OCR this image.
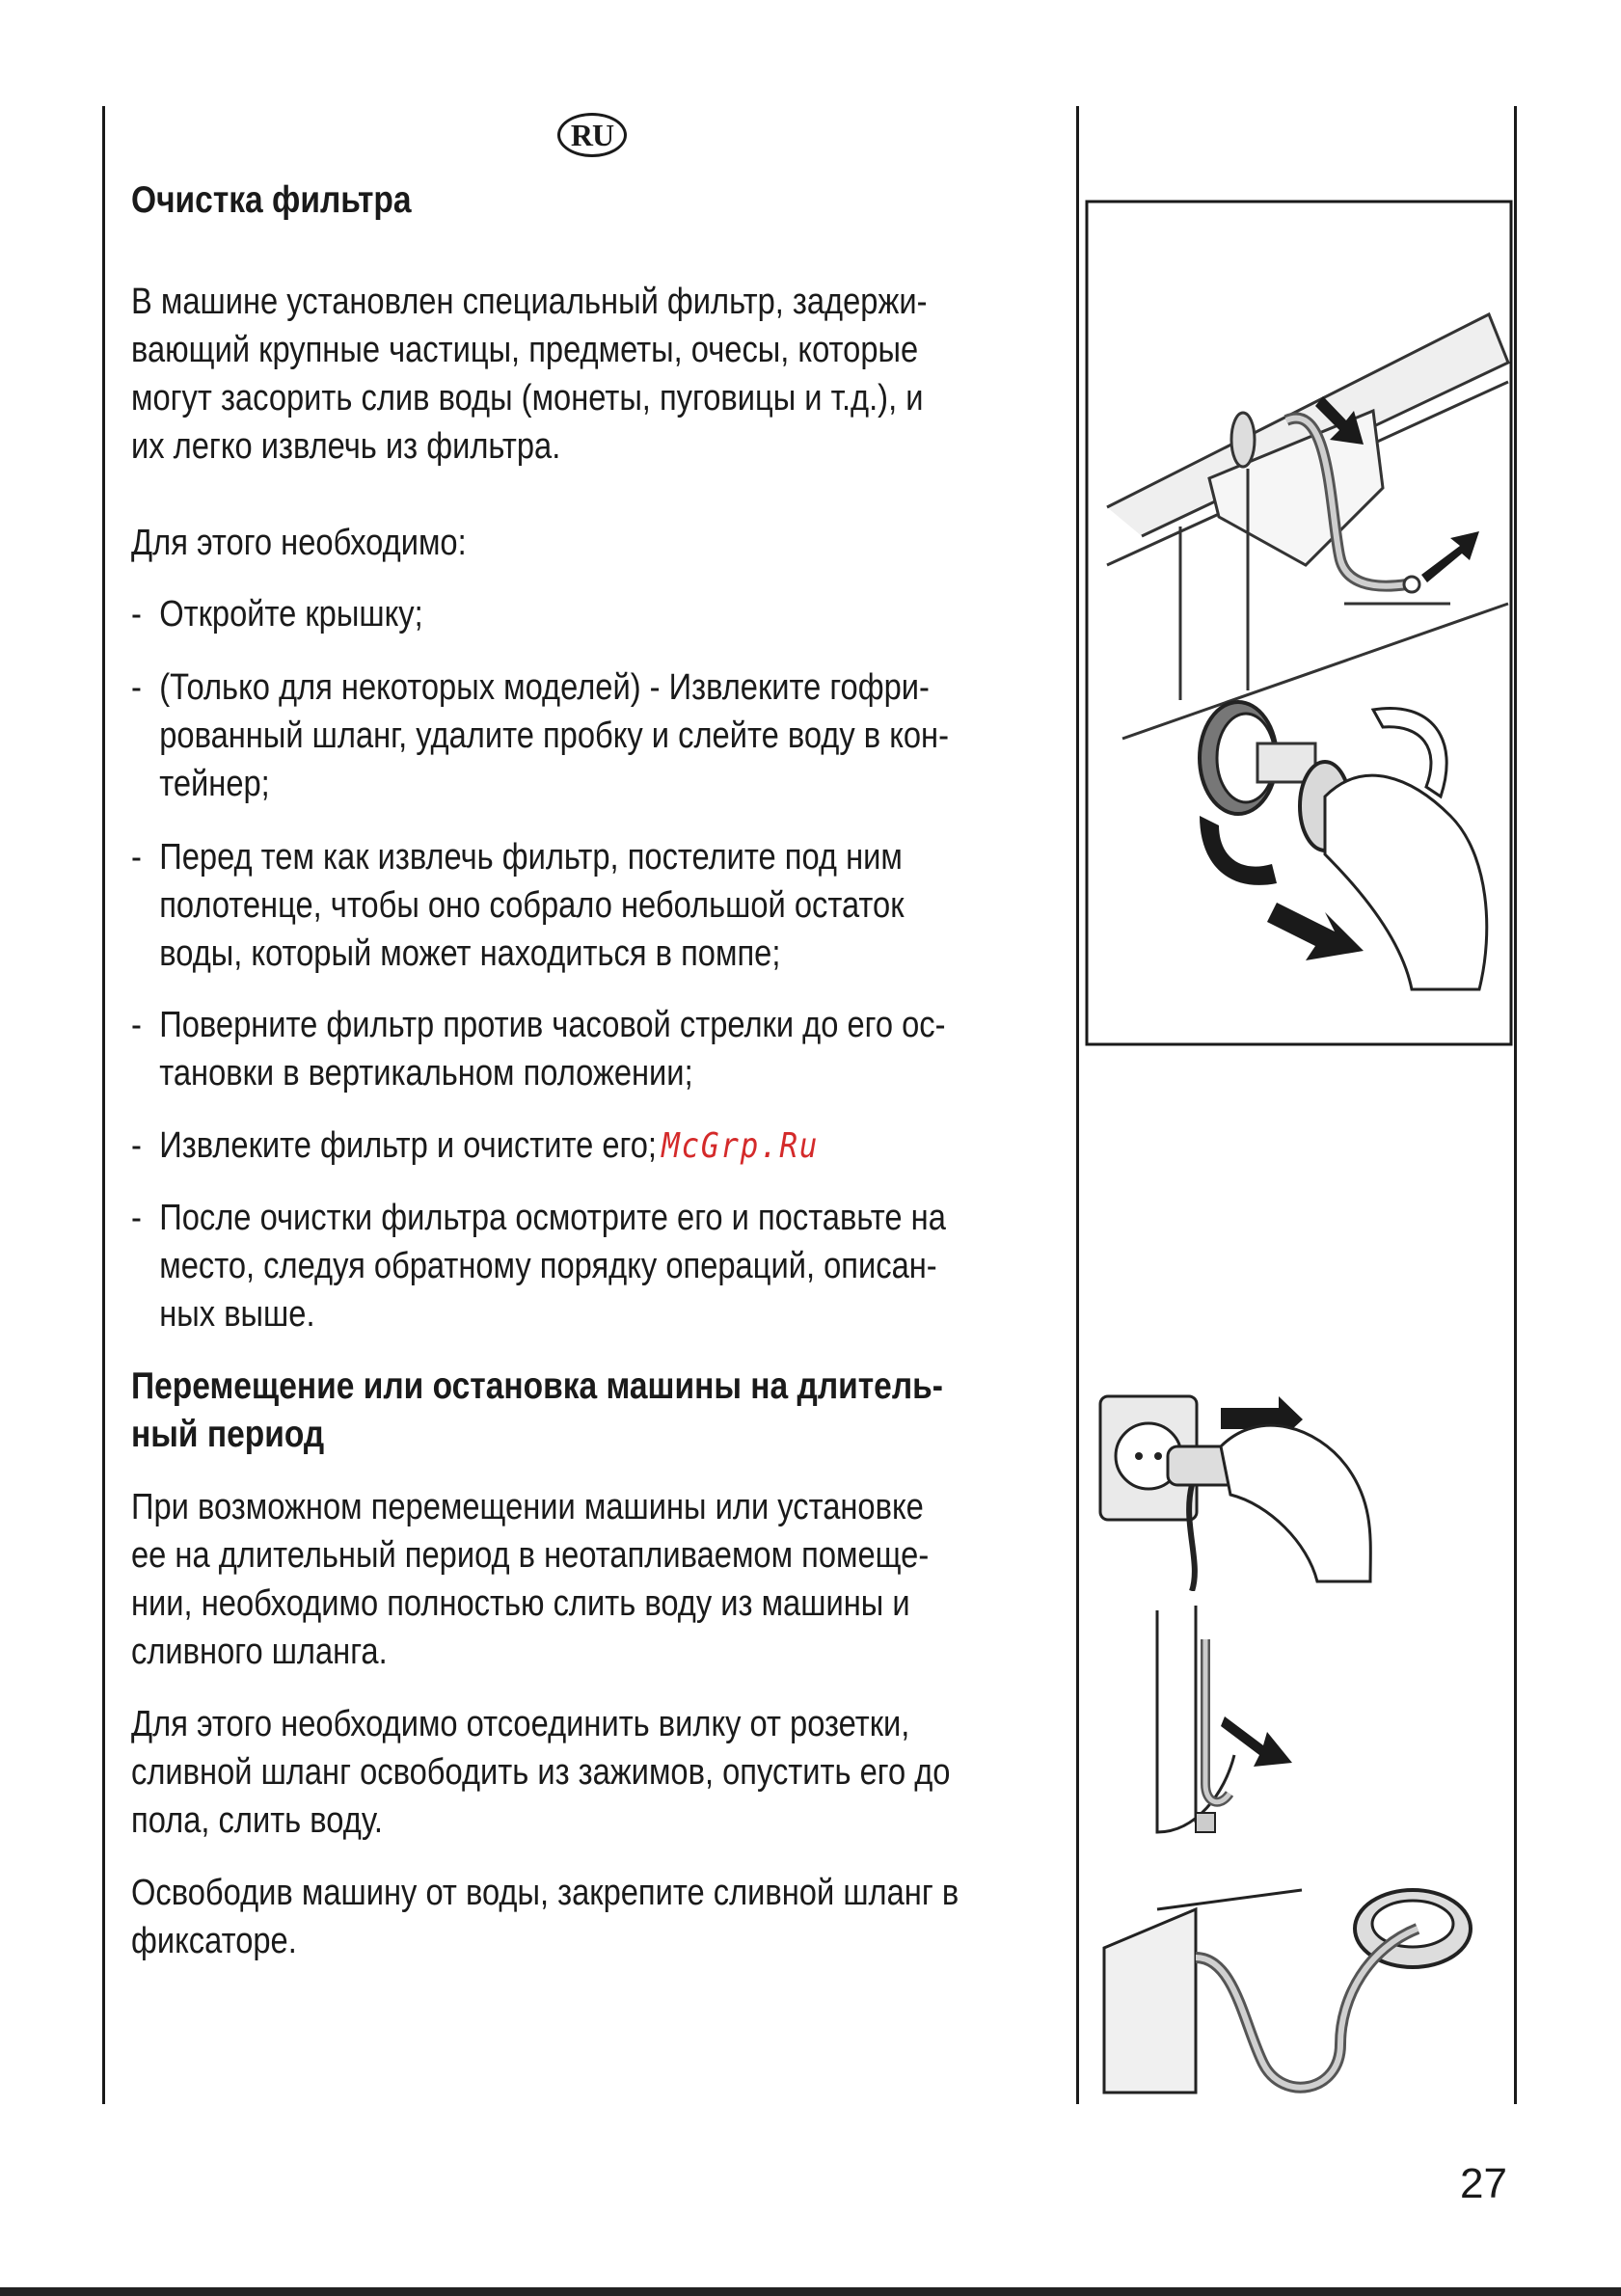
RU
Очистка фильтра

В машине установлен специальный фильтр, задержи-

вающий крупные частицы, предметы, очесы, которые

могут засорить слив воды (монеты, пуговицы и т.д.), и

их легко извлечь из фильтра.

Для этого необходимо:

- Откройте крышку;

- (Только для некоторых моделей) - Извлеките гофри-

рованный шланг, удалите пробку и слейте воду в кон-

тейнер;

- Перед тем как извлечь фильтр, постелите под ним

полотенце, чтобы оно собрало небольшой остаток

воды, который может находиться в помпе;

- Поверните фильтр против часовой стрелки до его ос-

тановки в вертикальном положении;

- Извлеките фильтр и очистите его; McGrp.Ru

- После очистки фильтра осмотрите его и поставьте на

место, следуя обратному порядку операций, описан-

ных выше.

Перемещение или остановка машины на длитель-
ный период

При возможном перемещении машины или установке

ее на длительный период в неотапливаемом помеще-

нии, необходимо полностью слить воду из машины и

сливного шланга.

Для этого необходимо отсоединить вилку от розетки,

сливной шланг освободить из зажимов, опустить его до

пола, слить воду.

Освободив машину от воды, закрепите сливной шланг в

фиксаторе.

27
